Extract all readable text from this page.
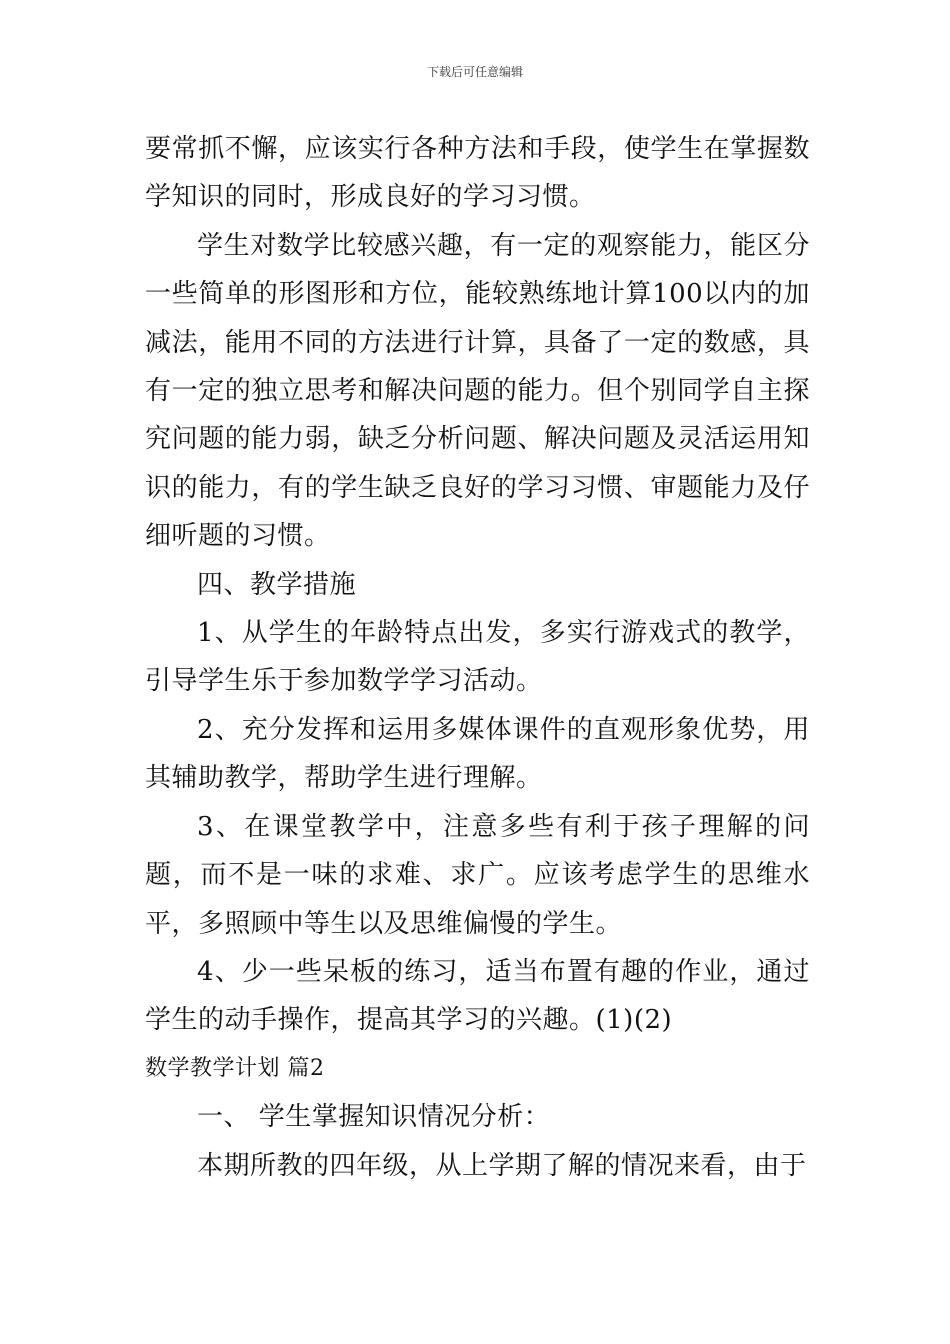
下载后可任意编辑

要常抓不懈，应该实行各种方法和手段，使学生在掌握数学知识的同时，形成良好的学习习惯。

学生对数学比较感兴趣，有一定的观察能力，能区分一些简单的形图形和方位，能较熟练地计算100以内的加减法，能用不同的方法进行计算，具备了一定的数感，具有一定的独立思考和解决问题的能力。但个别同学自主探究问题的能力弱，缺乏分析问题、解决问题及灵活运用知识的能力，有的学生缺乏良好的学习习惯、审题能力及仔细听题的习惯。

四、教学措施

1、从学生的年龄特点出发，多实行游戏式的教学，引导学生乐于参加数学学习活动。

2、充分发挥和运用多媒体课件的直观形象优势，用其辅助教学，帮助学生进行理解。

3、在课堂教学中，注意多些有利于孩子理解的问题，而不是一味的求难、求广。应该考虑学生的思维水平，多照顾中等生以及思维偏慢的学生。

4、少一些呆板的练习，适当布置有趣的作业，通过学生的动手操作，提高其学习的兴趣。(1)(2)

数学教学计划 篇2

一、 学生掌握知识情况分析：

本期所教的四年级，从上学期了解的情况来看，由于
